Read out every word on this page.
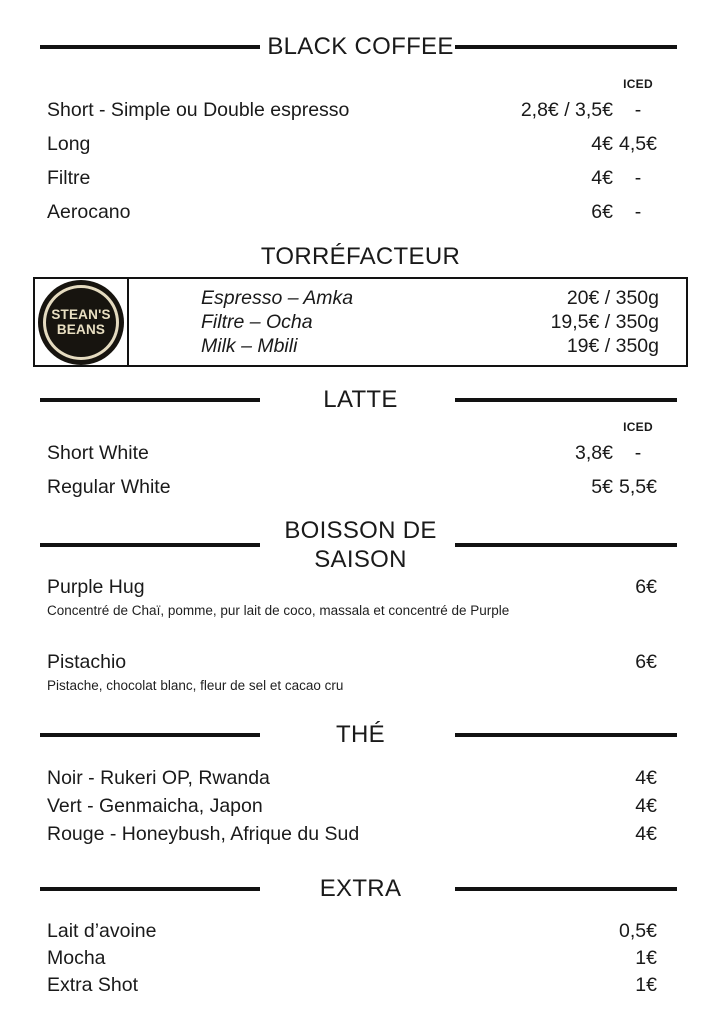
BLACK COFFEE
ICED
Short - Simple ou Double espresso	2,8€ / 3,5€	-
Long	4€ 4,5€
Filtre	4€	-
Aerocano	6€	-
TORRÉFACTEUR
STEAN'S
BEANS
Espresso – Amka	20€ / 350g
Filtre – Ocha	19,5€ / 350g
Milk – Mbili	19€ / 350g
LATTE
ICED
Short White	3,8€	-
Regular White	5€ 5,5€
BOISSON DE
SAISON
Purple Hug	6€
Concentré de Chaï, pomme, pur lait de coco, massala et concentré de Purple
Pistachio	6€
Pistache, chocolat blanc, fleur de sel et cacao cru
THÉ
Noir - Rukeri OP, Rwanda	4€
Vert - Genmaicha, Japon	4€
Rouge - Honeybush, Afrique du Sud	4€
EXTRA
Lait d’avoine	0,5€
Mocha	1€
Extra Shot	1€
